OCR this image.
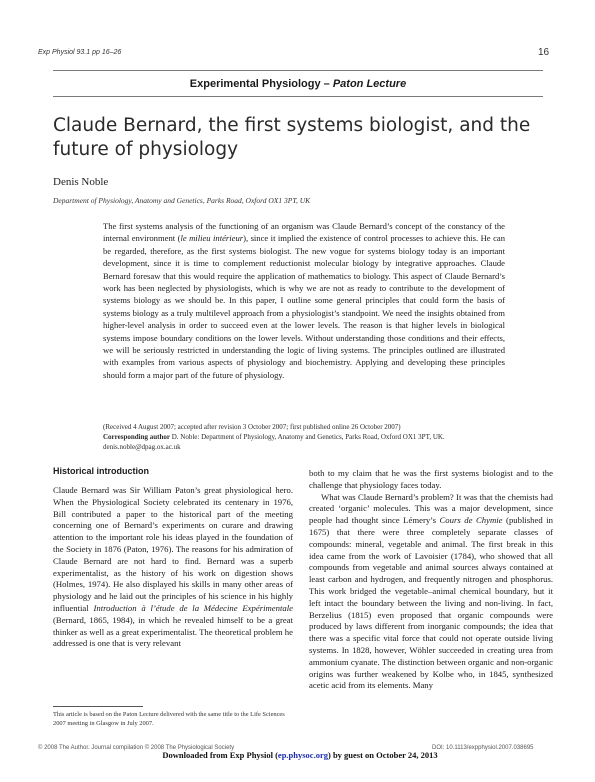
Exp Physiol 93.1 pp 16–26	16
Experimental Physiology – Paton Lecture
Claude Bernard, the first systems biologist, and the future of physiology
Denis Noble
Department of Physiology, Anatomy and Genetics, Parks Road, Oxford OX1 3PT, UK

The first systems analysis of the functioning of an organism was Claude Bernard’s concept of the constancy of the internal environment (le milieu intérieur), since it implied the existence of control processes to achieve this. He can be regarded, therefore, as the first systems biologist. The new vogue for systems biology today is an important development, since it is time to complement reductionist molecular biology by integrative approaches. Claude Bernard foresaw that this would require the application of mathematics to biology. This aspect of Claude Bernard’s work has been neglected by physiologists, which is why we are not as ready to contribute to the development of systems biology as we should be. In this paper, I outline some general principles that could form the basis of systems biology as a truly multilevel approach from a physiologist’s standpoint. We need the insights obtained from higher-level analysis in order to succeed even at the lower levels. The reason is that higher levels in biological systems impose boundary conditions on the lower levels. Without understanding those conditions and their effects, we will be seriously restricted in understanding the logic of living systems. The principles outlined are illustrated with examples from various aspects of physiology and biochemistry. Applying and developing these principles should form a major part of the future of physiology.

(Received 4 August 2007; accepted after revision 3 October 2007; first published online 26 October 2007)
Corresponding author D. Noble: Department of Physiology, Anatomy and Genetics, Parks Road, Oxford OX1 3PT, UK.
denis.noble@dpag.ox.ac.uk
Historical introduction

Claude Bernard was Sir William Paton’s great physiological hero. When the Physiological Society celebrated its centenary in 1976, Bill contributed a paper to the historical part of the meeting concerning one of Bernard’s experiments on curare and drawing attention to the important role his ideas played in the foundation of the Society in 1876 (Paton, 1976). The reasons for his admiration of Claude Bernard are not hard to find. Bernard was a superb experimentalist, as the history of his work on digestion shows (Holmes, 1974). He also displayed his skills in many other areas of physiology and he laid out the principles of his science in his highly influential Introduction à l’étude de la Médecine Expérimentale (Bernard, 1865, 1984), in which he revealed himself to be a great thinker as well as a great experimentalist. The theoretical problem he addressed is one that is very relevant

both to my claim that he was the first systems biologist and to the challenge that physiology faces today.

What was Claude Bernard’s problem? It was that the chemists had created ‘organic’ molecules. This was a major development, since people had thought since Lémery’s Cours de Chymie (published in 1675) that there were three completely separate classes of compounds: mineral, vegetable and animal. The first break in this idea came from the work of Lavoisier (1784), who showed that all compounds from vegetable and animal sources always contained at least carbon and hydrogen, and frequently nitrogen and phosphorus. This work bridged the vegetable–animal chemical boundary, but it left intact the boundary between the living and non-living. In fact, Berzelius (1815) even proposed that organic compounds were produced by laws different from inorganic compounds; the idea that there was a specific vital force that could not operate outside living systems. In 1828, however, Wöhler succeeded in creating urea from ammonium cyanate. The distinction between organic and non-organic origins was further weakened by Kolbe who, in 1845, synthesized acetic acid from its elements. Many

This article is based on the Paton Lecture delivered with the same title to the Life Sciences 2007 meeting in Glasgow in July 2007.
© 2008 The Author. Journal compilation © 2008 The Physiological Society	DOI: 10.1113/expphysiol.2007.038695
Downloaded from Exp Physiol (ep.physoc.org) by guest on October 24, 2013
